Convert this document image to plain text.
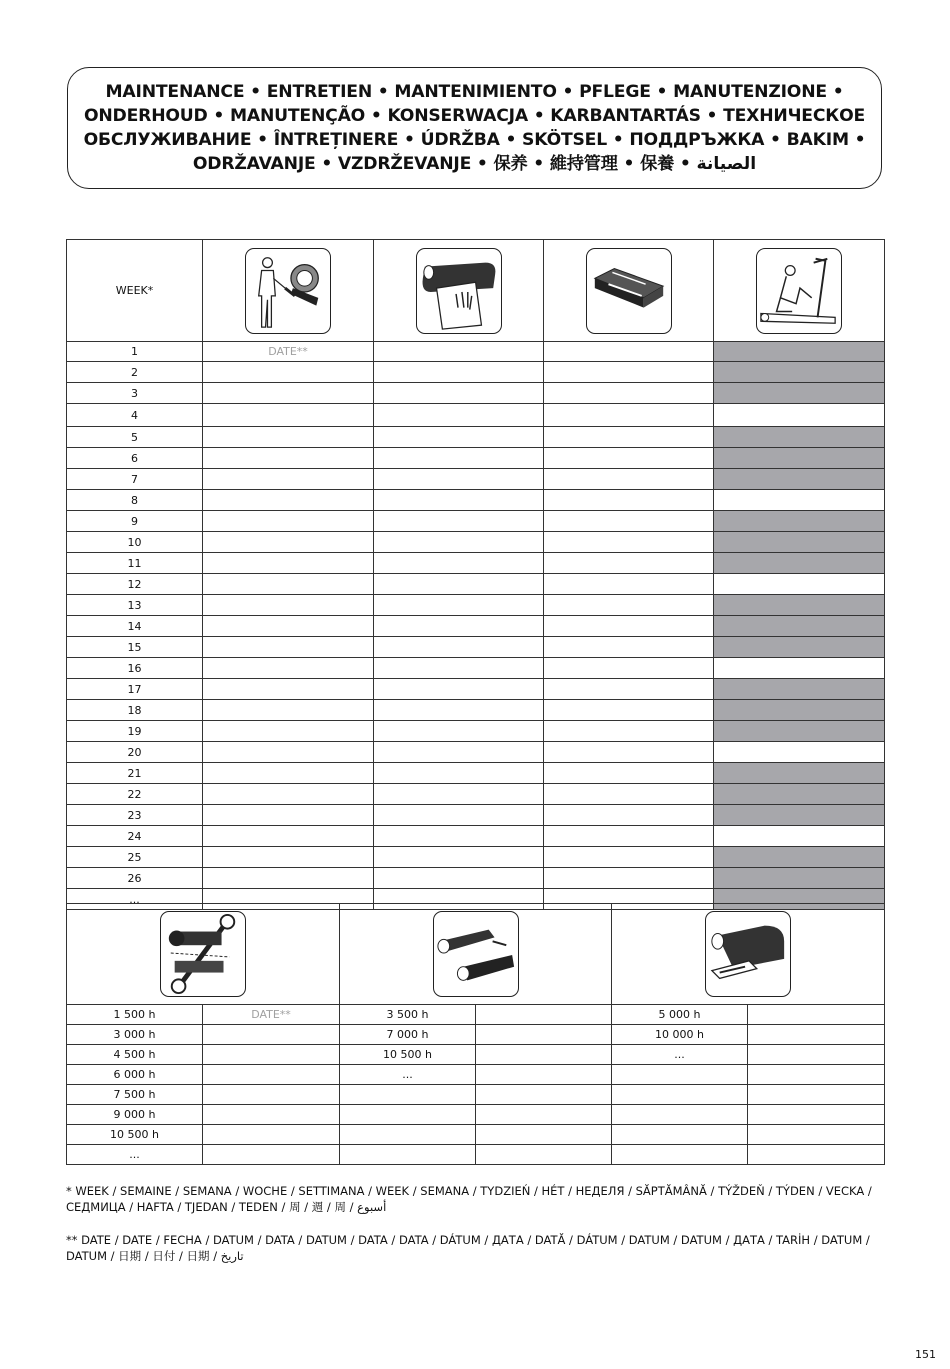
MAINTENANCE • ENTRETIEN • MANTENIMIENTO • PFLEGE • MANUTENZIONE •
ONDERHOUD • MANUTENÇÃO • KONSERWACJA • KARBANTARTÁS • ТЕХНИЧЕСКОЕ
ОБСЛУЖИВАНИЕ • ÎNTREȚINERE • ÚDRŽBA • SKÖTSEL • ПОДДРЪЖКА • BAKIM •
ODRŽAVANJE • VZDRŽEVANJE • 保养 • 維持管理 • 保養 • الصيانة
WEEK*	

1	DATE**			
2				
3				
4				
5				
6				
7				
8				
9				
10				
11				
12				
13				
14				
15				
16				
17				
18				
19				
20				
21				
22				
23				
24				
25				
26				
...				

1 500 h	DATE**	3 500 h		5 000 h	
3 000 h		7 000 h		10 000 h	
4 500 h		10 500 h		...	
6 000 h		...			
7 500 h					
9 000 h					
10 500 h					
...					
* WEEK / SEMAINE / SEMANA / WOCHE / SETTIMANA / WEEK / SEMANA / TYDZIEŃ / HÉT / НЕДЕЛЯ / SĂPTĂMÂNĂ / TÝŽDEŇ / TÝDEN / VECKA / СЕДМИЦА / HAFTA / TJEDAN / TEDEN / 周 / 週 / 周 / أسبوع
** DATE / DATE / FECHA / DATUM / DATA / DATUM / DATA / DATA / DÁTUM / ДАТА / DATĂ / DÁTUM / DATUM / DATUM / ДАТА / TARİH / DATUM / DATUM / 日期 / 日付 / 日期 / تاريخ
151
